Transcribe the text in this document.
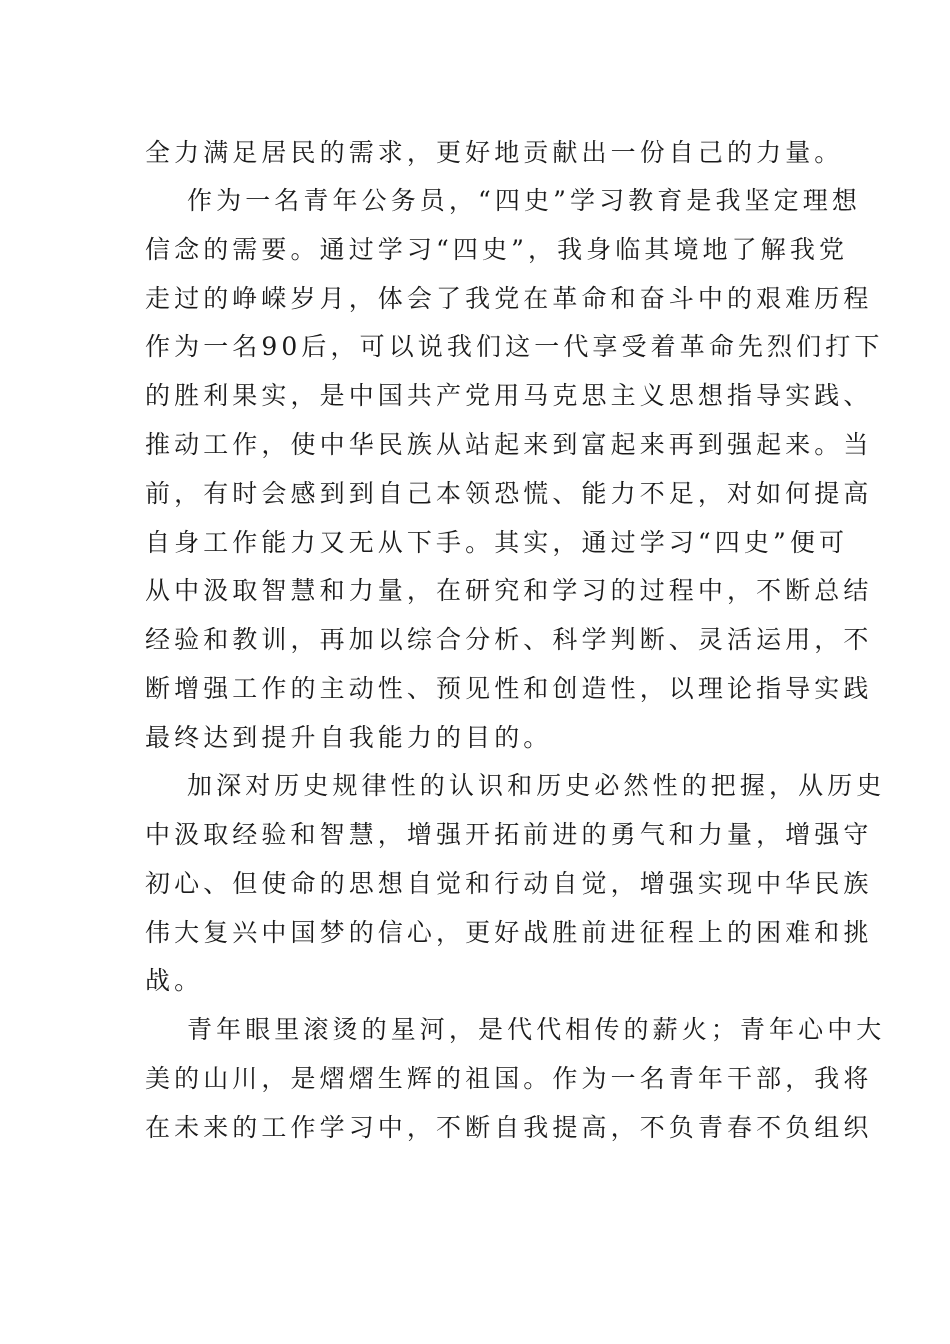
全力满足居民的需求，更好地贡献出一份自己的力量。
作为一名青年公务员，“四史”学习教育是我坚定理想
信念的需要。通过学习“四史”，我身临其境地了解我党
走过的峥嵘岁月，体会了我党在革命和奋斗中的艰难历程
作为一名90后，可以说我们这一代享受着革命先烈们打下
的胜利果实，是中国共产党用马克思主义思想指导实践、
推动工作，使中华民族从站起来到富起来再到强起来。当
前，有时会感到到自己本领恐慌、能力不足，对如何提高
自身工作能力又无从下手。其实，通过学习“四史”便可
从中汲取智慧和力量，在研究和学习的过程中，不断总结
经验和教训，再加以综合分析、科学判断、灵活运用，不
断增强工作的主动性、预见性和创造性，以理论指导实践
最终达到提升自我能力的目的。
加深对历史规律性的认识和历史必然性的把握，从历史
中汲取经验和智慧，增强开拓前进的勇气和力量，增强守
初心、但使命的思想自觉和行动自觉，增强实现中华民族
伟大复兴中国梦的信心，更好战胜前进征程上的困难和挑
战。
青年眼里滚烫的星河，是代代相传的薪火；青年心中大
美的山川，是熠熠生辉的祖国。作为一名青年干部，我将
在未来的工作学习中，不断自我提高，不负青春不负组织
